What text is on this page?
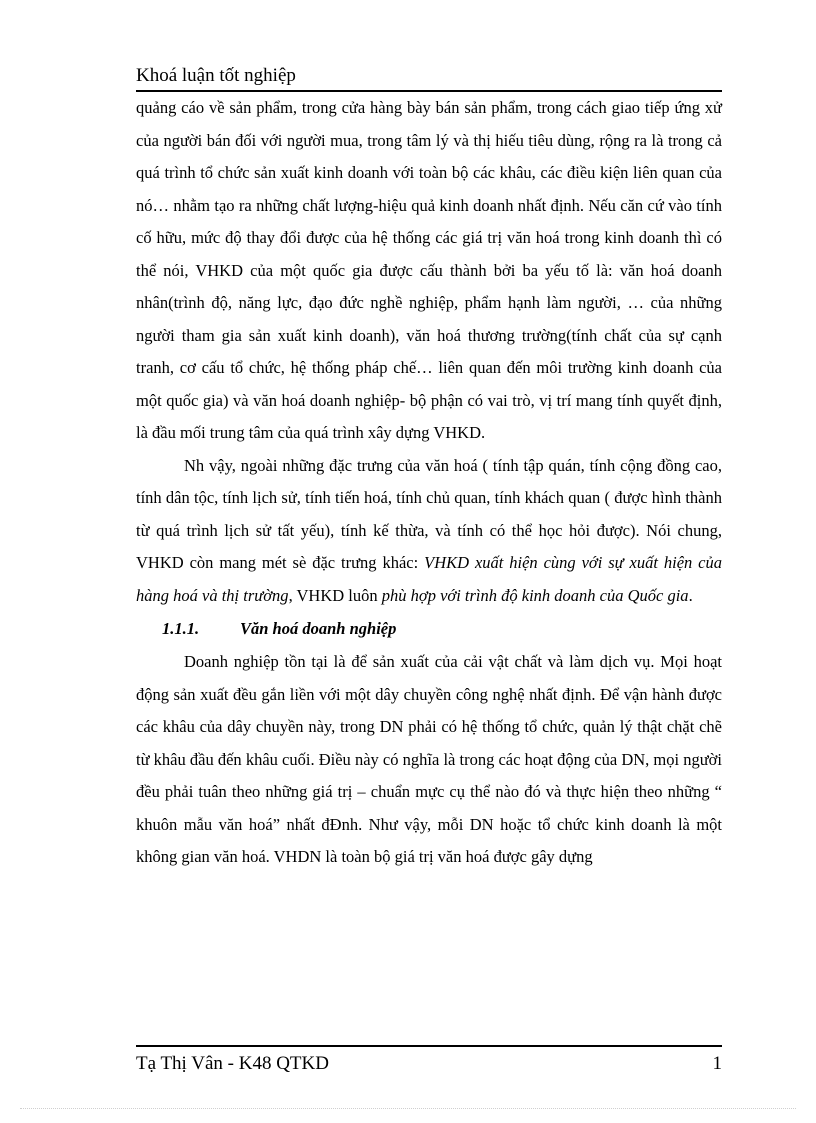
Khoá luận tốt nghiệp

quảng cáo về sản phẩm, trong cửa hàng bày bán sản phẩm, trong cách giao tiếp ứng xử của người bán đối với người mua, trong tâm lý và thị hiếu tiêu dùng, rộng ra là trong cả quá trình tổ chức sản xuất kinh doanh với toàn bộ các khâu, các điều kiện liên quan của nó… nhằm tạo ra những chất lượng-hiệu quả kinh doanh nhất định. Nếu căn cứ vào tính cố hữu, mức độ thay đổi được của hệ thống các giá trị văn hoá trong kinh doanh thì có thể nói, VHKD của một quốc gia được cấu thành bởi ba yếu tố là: văn hoá doanh nhân(trình độ, năng lực, đạo đức nghề nghiệp, phẩm hạnh làm người, … của những người tham gia sản xuất kinh doanh), văn hoá thương trường(tính chất của sự cạnh tranh, cơ cấu tổ chức, hệ thống pháp chế… liên quan đến môi trường kinh doanh của một quốc gia) và văn hoá doanh nghiệp- bộ phận có vai trò, vị trí mang tính quyết định, là đầu mối trung tâm của quá trình xây dựng VHKD.

Nh vậy, ngoài những đặc trưng của văn hoá ( tính tập quán, tính cộng đồng cao, tính dân tộc, tính lịch sử, tính tiến hoá, tính chủ quan, tính khách quan ( được hình thành từ quá trình lịch sử tất yếu), tính kế thừa, và tính có thể học hỏi được). Nói chung, VHKD còn mang mét sè đặc trưng khác: VHKD xuất hiện cùng với sự xuất hiện của hàng hoá và thị trường, VHKD luôn phù hợp với trình độ kinh doanh của Quốc gia.

1.1.1. Văn hoá doanh nghiệp

Doanh nghiệp tồn tại là để sản xuất của cải vật chất và làm dịch vụ. Mọi hoạt động sản xuất đều gắn liền với một dây chuyền công nghệ nhất định. Để vận hành được các khâu của dây chuyền này, trong DN phải có hệ thống tổ chức, quản lý thật chặt chẽ từ khâu đầu đến khâu cuối. Điều này có nghĩa là trong các hoạt động của DN, mọi người đều phải tuân theo những giá trị – chuẩn mực cụ thể nào đó và thực hiện theo những “ khuôn mẫu văn hoá” nhất đĐnh. Như vậy, mỗi DN hoặc tổ chức kinh doanh là một không gian văn hoá. VHDN là toàn bộ giá trị văn hoá được gây dựng

Tạ Thị Vân - K48 QTKD	1
